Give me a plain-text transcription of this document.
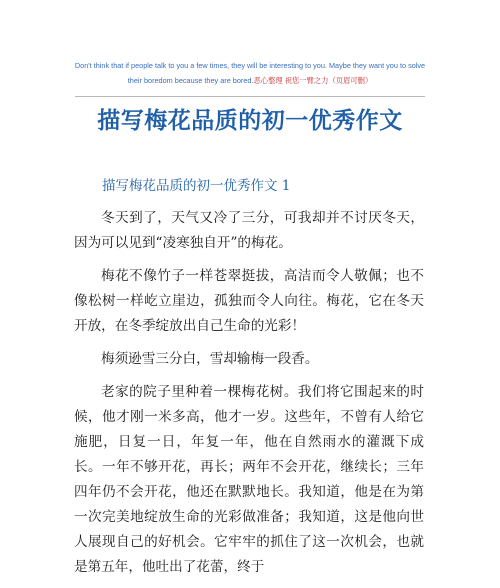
Don't think that if people talk to you a few times, they will be interesting to you. Maybe they want you to solve
their boredom because they are bored.恶心整理 祝您一臂之力（页眉可删）
描写梅花品质的初一优秀作文
描写梅花品质的初一优秀作文 1

冬天到了，天气又冷了三分，可我却并不讨厌冬天，因为可以见到“凌寒独自开”的梅花。

梅花不像竹子一样苍翠挺拔，高洁而令人敬佩；也不像松树一样屹立崖边，孤独而令人向往。梅花，它在冬天开放，在冬季绽放出自己生命的光彩！

梅须逊雪三分白，雪却输梅一段香。

老家的院子里种着一棵梅花树。我们将它围起来的时候，他才刚一米多高，他才一岁。这些年，不曾有人给它施肥，日复一日，年复一年，他在自然雨水的灌溉下成长。一年不够开花，再长；两年不会开花，继续长；三年四年仍不会开花，他还在默默地长。我知道，他是在为第一次完美地绽放生命的光彩做准备；我知道，这是他向世人展现自己的好机会。它牢牢的抓住了这一次机会，也就是第五年，他吐出了花蕾，终于
